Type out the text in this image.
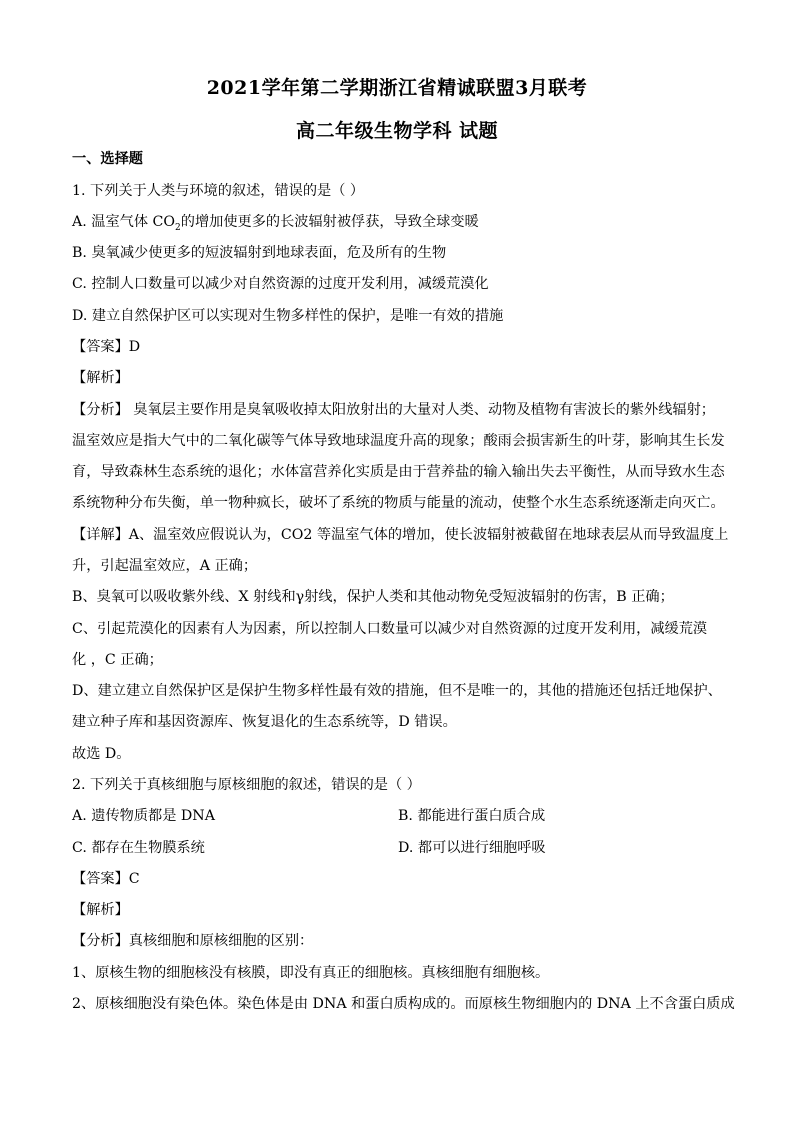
2021学年第二学期浙江省精诚联盟3月联考
高二年级生物学科 试题
一、选择题
1. 下列关于人类与环境的叙述，错误的是（ ）
A. 温室气体 $CO_2$的增加使更多的长波辐射被俘获，导致全球变暖
B. 臭氧减少使更多的短波辐射到地球表面，危及所有的生物
C. 控制人口数量可以减少对自然资源的过度开发利用，减缓荒漠化
D. 建立自然保护区可以实现对生物多样性的保护，是唯一有效的措施
【答案】D
【解析】
【分析】 臭氧层主要作用是臭氧吸收掉太阳放射出的大量对人类、动物及植物有害波长的紫外线辐射；
温室效应是指大气中的二氧化碳等气体导致地球温度升高的现象；酸雨会损害新生的叶芽，影响其生长发
育，导致森林生态系统的退化；水体富营养化实质是由于营养盐的输入输出失去平衡性，从而导致水生态
系统物种分布失衡，单一物种疯长，破坏了系统的物质与能量的流动，使整个水生态系统逐渐走向灭亡。
【详解】A、温室效应假说认为，CO2 等温室气体的增加，使长波辐射被截留在地球表层从而导致温度上
升，引起温室效应，A 正确；
B、臭氧可以吸收紫外线、X 射线和γ射线，保护人类和其他动物免受短波辐射的伤害，B 正确；
C、引起荒漠化的因素有人为因素，所以控制人口数量可以减少对自然资源的过度开发利用，减缓荒漠
化 ，C 正确；
D、建立建立自然保护区是保护生物多样性最有效的措施，但不是唯一的，其他的措施还包括迁地保护、
建立种子库和基因资源库、恢复退化的生态系统等，D 错误。
故选 D。
2. 下列关于真核细胞与原核细胞的叙述，错误的是（ ）
A. 遗传物质都是 DNA	B. 都能进行蛋白质合成
C. 都存在生物膜系统	D. 都可以进行细胞呼吸
【答案】C
【解析】
【分析】真核细胞和原核细胞的区别：
1、原核生物的细胞核没有核膜，即没有真正的细胞核。真核细胞有细胞核。
2、原核细胞没有染色体。染色体是由 DNA 和蛋白质构成的。而原核生物细胞内的 DNA 上不含蛋白质成
